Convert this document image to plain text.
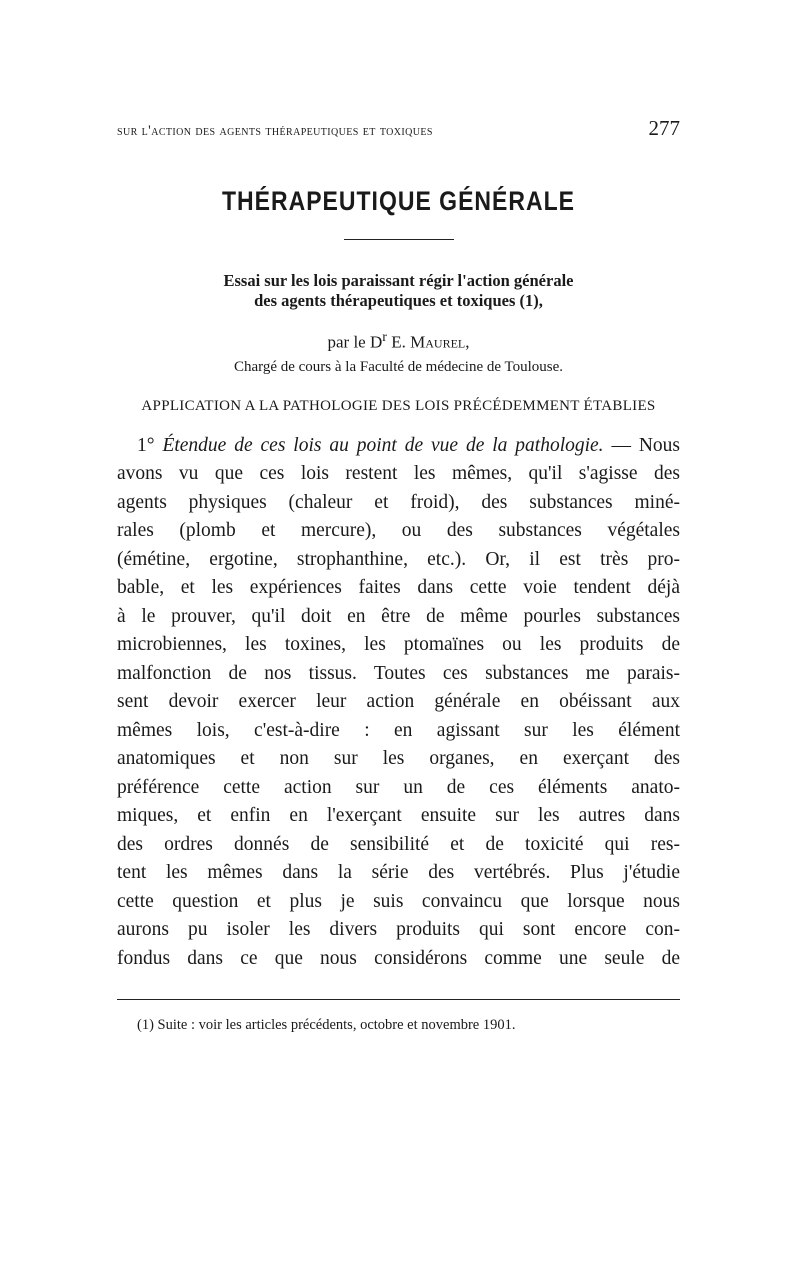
sur l'action des agents thérapeutiques et toxiques	277
THÉRAPEUTIQUE GÉNÉRALE
Essai sur les lois paraissant régir l'action générale
des agents thérapeutiques et toxiques (1),
par le $D^r$ E. Maurel,
Chargé de cours à la Faculté de médecine de Toulouse.
APPLICATION A LA PATHOLOGIE DES LOIS PRÉCÉDEMMENT ÉTABLIES
1° Étendue de ces lois au point de vue de la pathologie. — Nous
avons vu que ces lois restent les mêmes, qu'il s'agisse des
agents physiques (chaleur et froid), des substances miné-
rales (plomb et mercure), ou des substances végétales
(émétine, ergotine, strophanthine, etc.). Or, il est très pro-
bable, et les expériences faites dans cette voie tendent déjà
à le prouver, qu'il doit en être de même pourles substances
microbiennes, les toxines, les ptomaïnes ou les produits de
malfonction de nos tissus. Toutes ces substances me parais-
sent devoir exercer leur action générale en obéissant aux
mêmes lois, c'est-à-dire : en agissant sur les élément
anatomiques et non sur les organes, en exerçant des
préférence cette action sur un de ces éléments anato-
miques, et enfin en l'exerçant ensuite sur les autres dans
des ordres donnés de sensibilité et de toxicité qui res-
tent les mêmes dans la série des vertébrés. Plus j'étudie
cette question et plus je suis convaincu que lorsque nous
aurons pu isoler les divers produits qui sont encore con-
fondus dans ce que nous considérons comme une seule de
(1) Suite : voir les articles précédents, octobre et novembre 1901.
